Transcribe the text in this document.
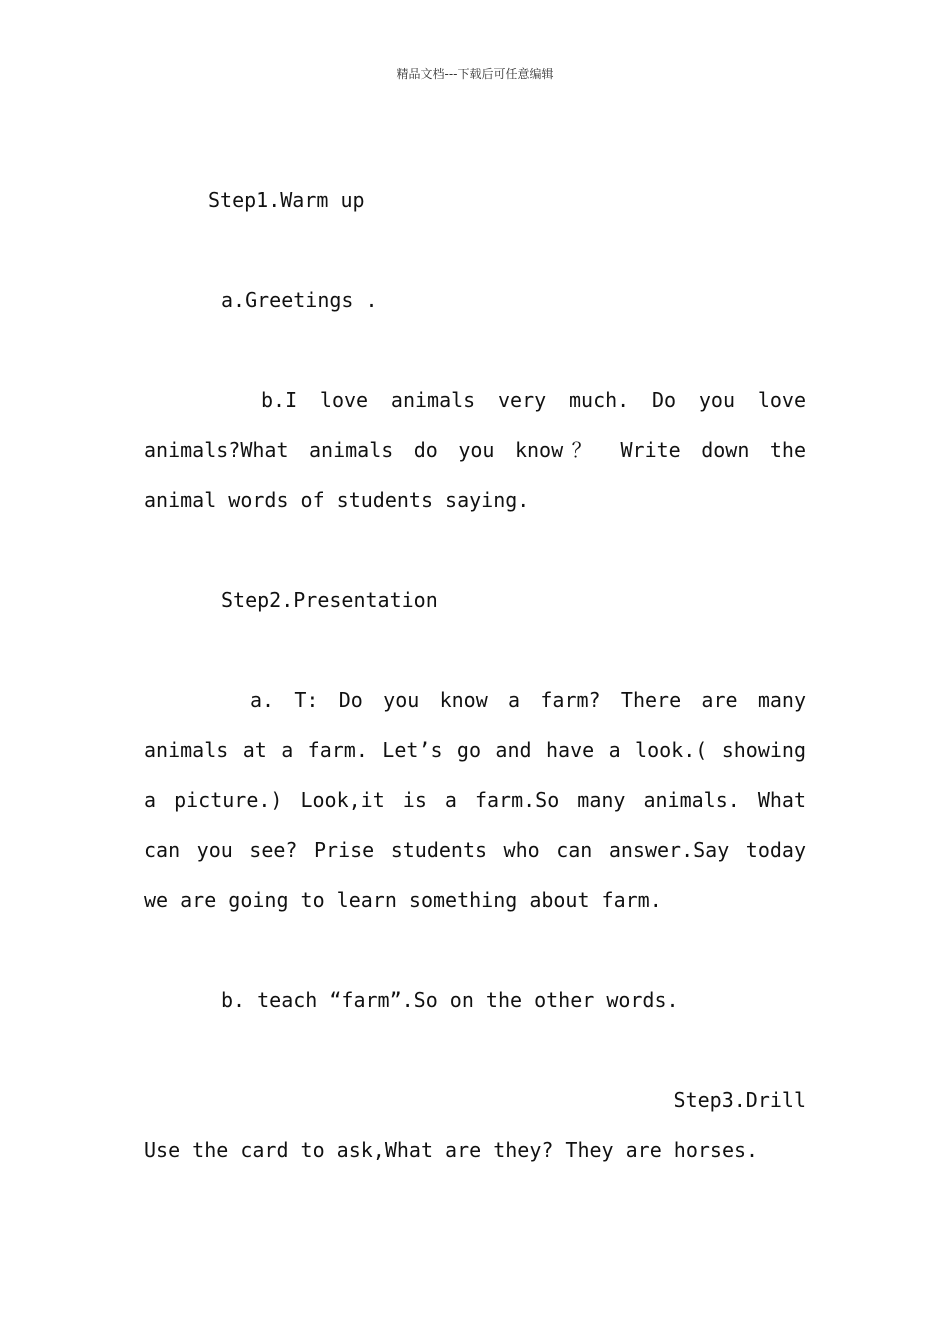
精品文档---下载后可任意编辑

Step1.Warm up

a.Greetings .

b.I love animals very much. Do you love animals?What animals do you know？ Write down the animal words of students saying.

Step2.Presentation

a. T: Do you know a farm? There are many animals at a farm. Let’s go and have a look.( showing a picture.) Look,it is a farm.So many animals. What can you see? Prise students who can answer.Say today we are going to learn something about farm.

b. teach “farm”.So on the other words.

Step3.Drill

Use the card to ask,What are they? They are horses.
